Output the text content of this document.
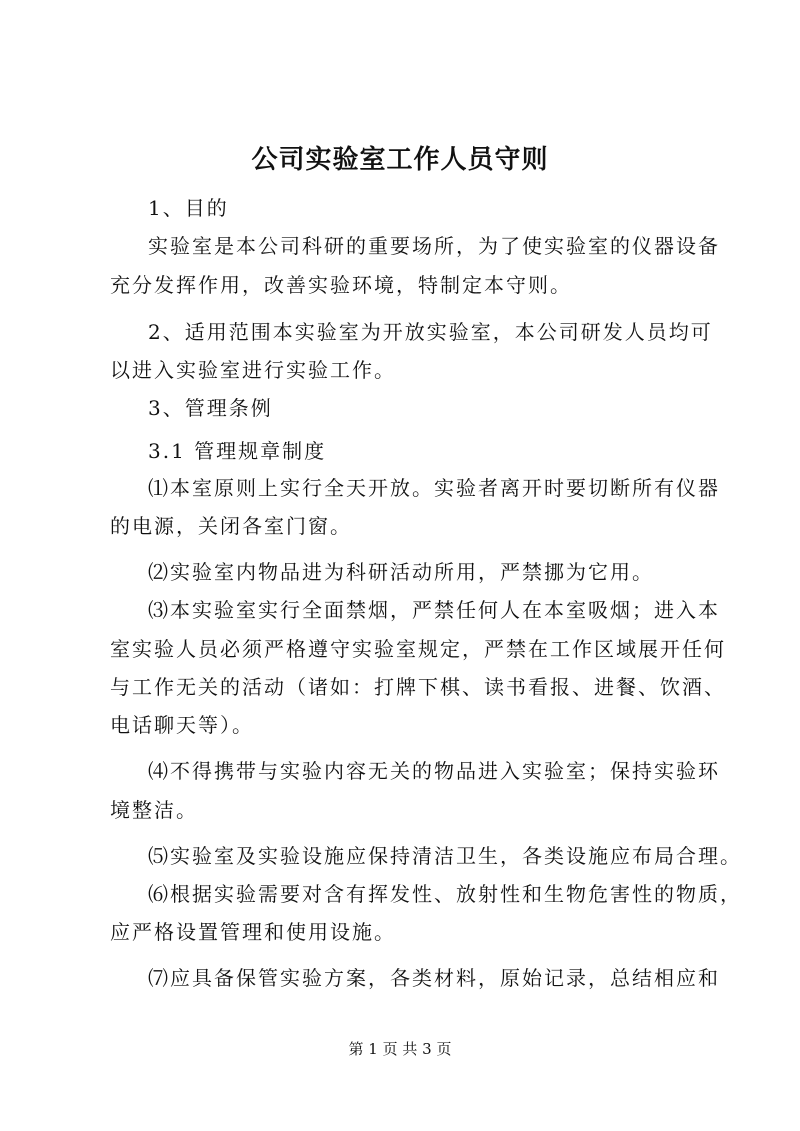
公司实验室工作人员守则
1、目的
实验室是本公司科研的重要场所，为了使实验室的仪器设备
充分发挥作用，改善实验环境，特制定本守则。
2、适用范围本实验室为开放实验室，本公司研发人员均可
以进入实验室进行实验工作。
3、管理条例
3.1 管理规章制度
⑴本室原则上实行全天开放。实验者离开时要切断所有仪器
的电源，关闭各室门窗。
⑵实验室内物品进为科研活动所用，严禁挪为它用。
⑶本实验室实行全面禁烟，严禁任何人在本室吸烟；进入本
室实验人员必须严格遵守实验室规定，严禁在工作区域展开任何
与工作无关的活动（诸如：打牌下棋、读书看报、进餐、饮酒、
电话聊天等）。
⑷不得携带与实验内容无关的物品进入实验室；保持实验环
境整洁。
⑸实验室及实验设施应保持清洁卫生，各类设施应布局合理。
⑹根据实验需要对含有挥发性、放射性和生物危害性的物质，
应严格设置管理和使用设施。
⑺应具备保管实验方案，各类材料，原始记录，总结相应和
第 1 页 共 3 页
